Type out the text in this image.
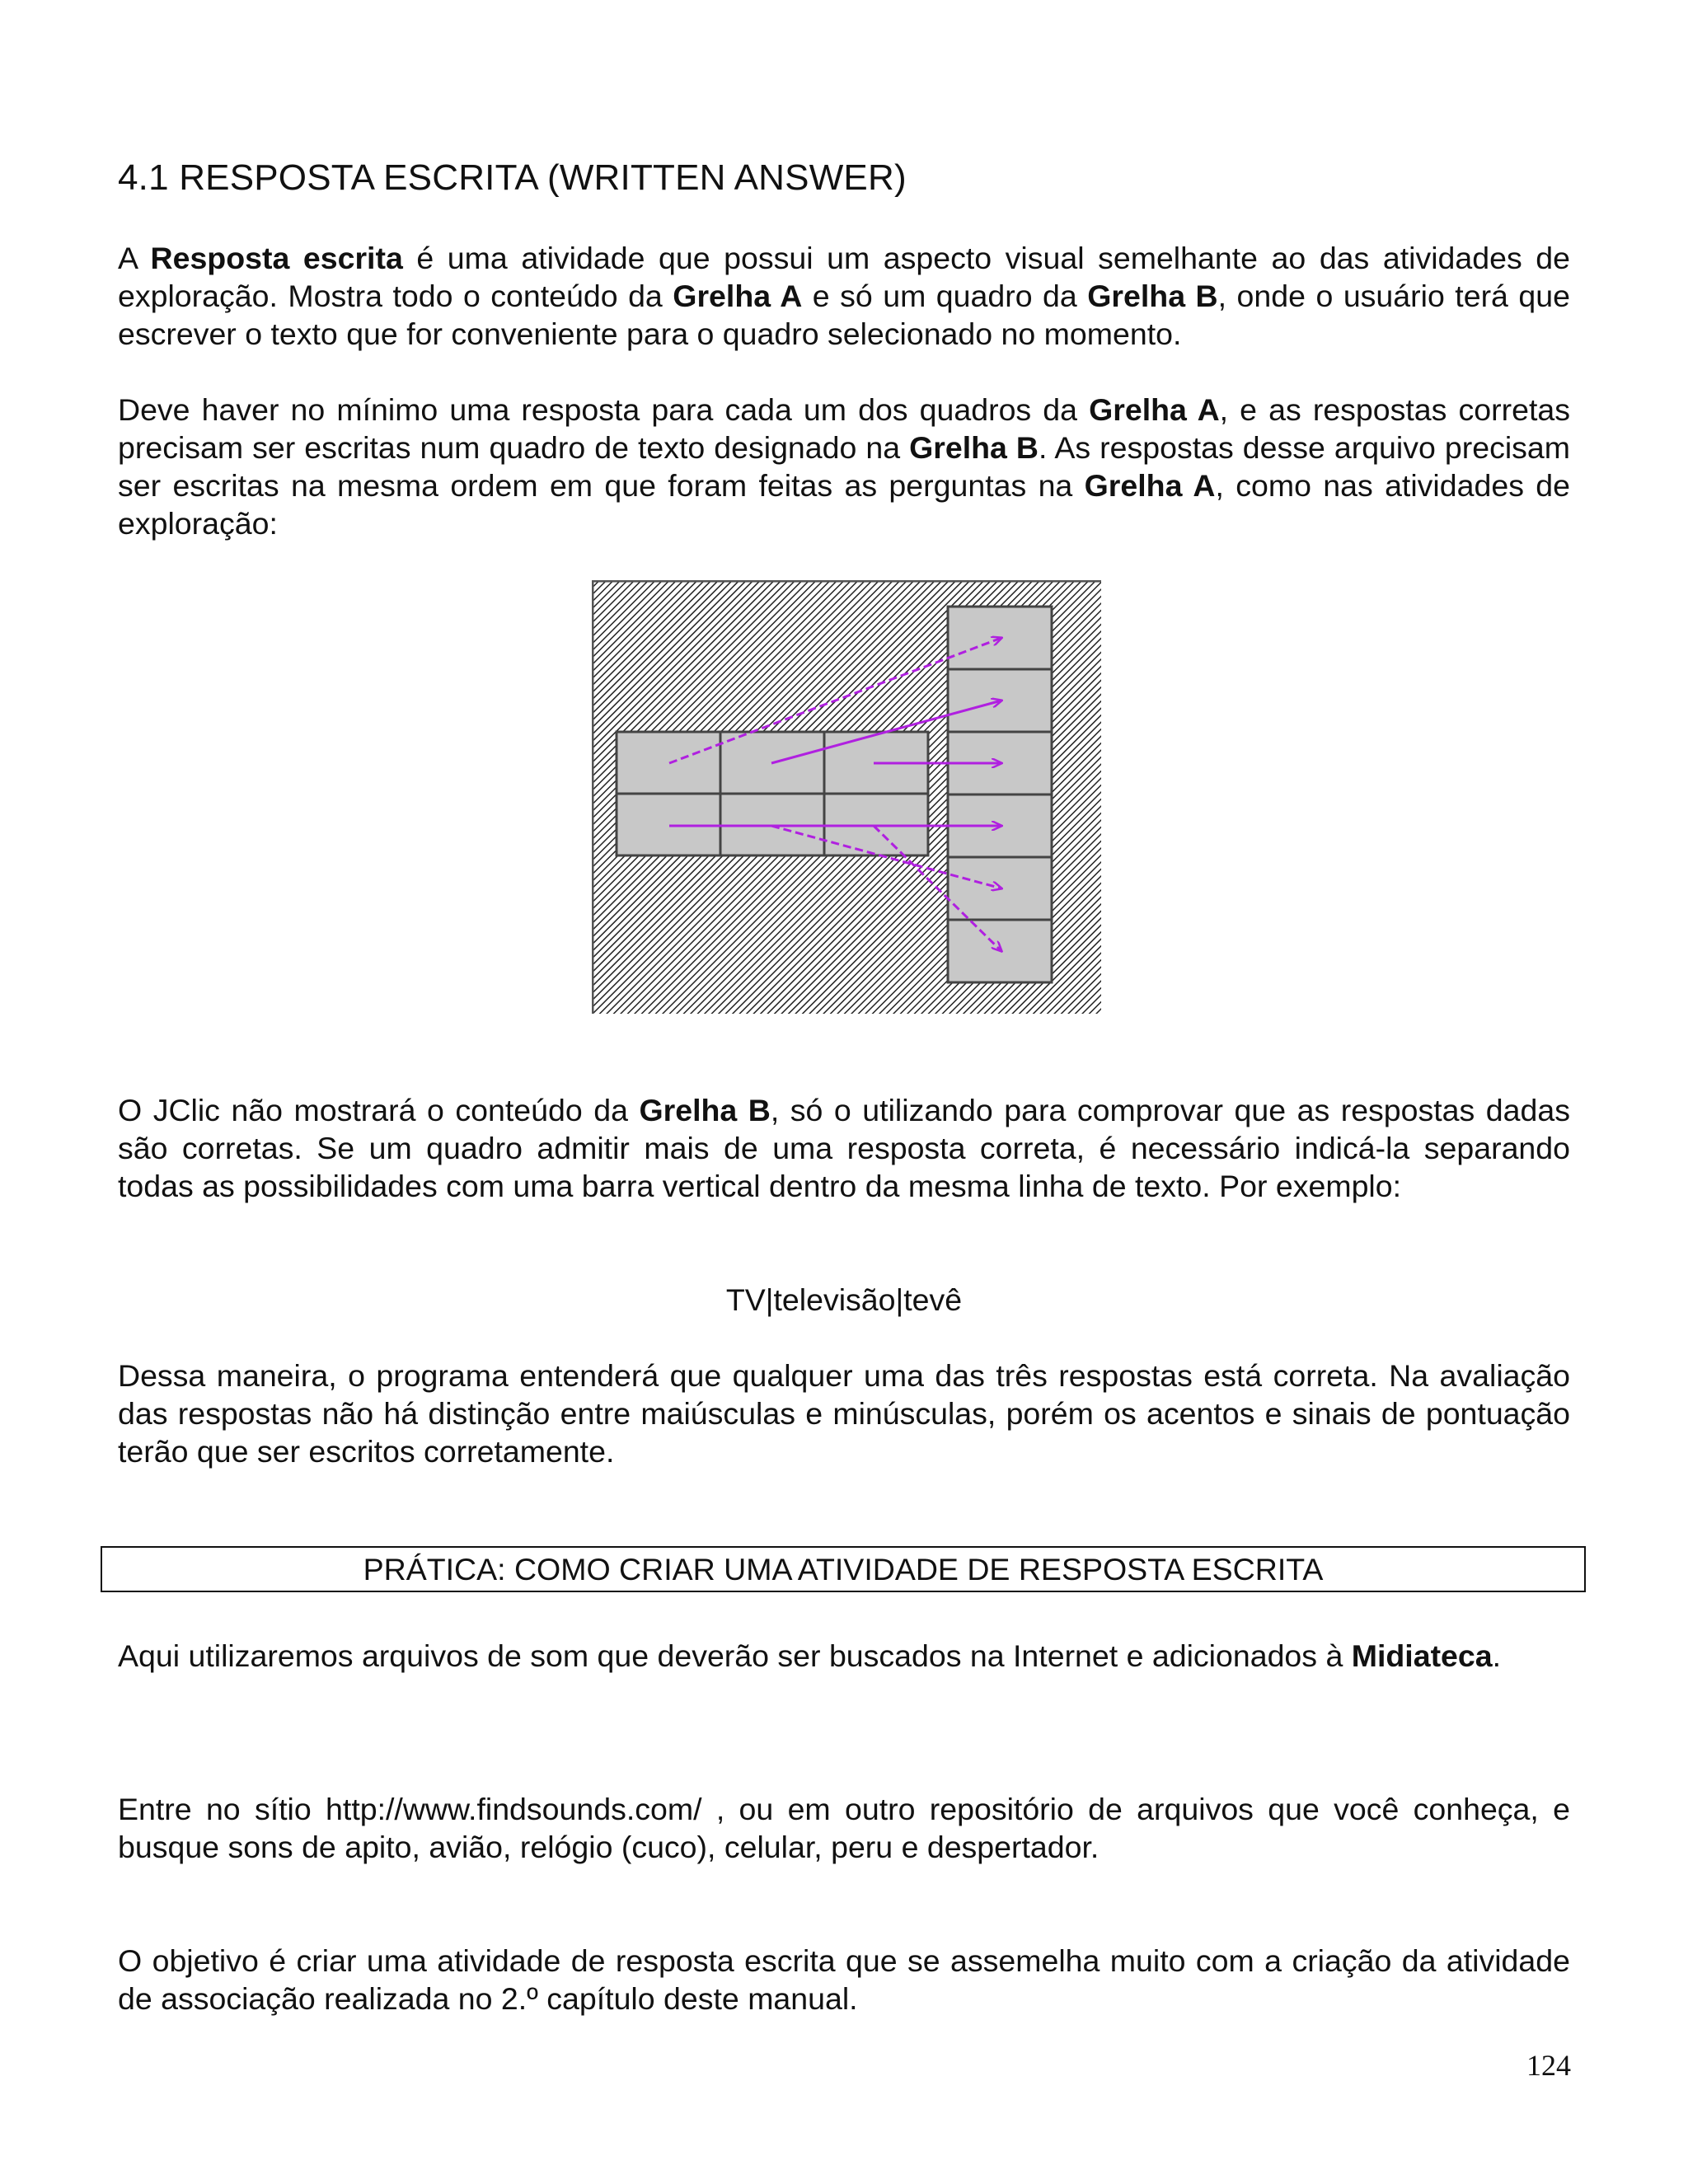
4.1 RESPOSTA ESCRITA (WRITTEN ANSWER)

A Resposta escrita é uma atividade que possui um aspecto visual semelhante ao das atividades de exploração. Mostra todo o conteúdo da Grelha A e só um quadro da Grelha B, onde o usuário terá que escrever o texto que for conveniente para o quadro selecionado no momento.

Deve haver no mínimo uma resposta para cada um dos quadros da Grelha A, e as respostas corretas precisam ser escritas num quadro de texto designado na Grelha B. As respostas desse arquivo precisam ser escritas na mesma ordem em que foram feitas as perguntas na Grelha A, como nas atividades de exploração:

O JClic não mostrará o conteúdo da Grelha B, só o utilizando para comprovar que as respostas dadas são corretas. Se um quadro admitir mais de uma resposta correta, é necessário indicá-la separando todas as possibilidades com uma barra vertical dentro da mesma linha de texto. Por exemplo:

TV|televisão|tevê

Dessa maneira, o programa entenderá que qualquer uma das três respostas está correta. Na avaliação das respostas não há distinção entre maiúsculas e minúsculas, porém os acentos e sinais de pontuação terão que ser escritos corretamente.

PRÁTICA: COMO CRIAR UMA ATIVIDADE DE RESPOSTA ESCRITA

Aqui utilizaremos arquivos de som que deverão ser buscados na Internet e adicionados à Midiateca.

Entre no sítio http://www.findsounds.com/ , ou em outro repositório de arquivos que você conheça, e busque sons de apito, avião, relógio (cuco), celular, peru e despertador.

O objetivo é criar uma atividade de resposta escrita que se assemelha muito com a criação da atividade de associação realizada no 2.º capítulo deste manual.

124
